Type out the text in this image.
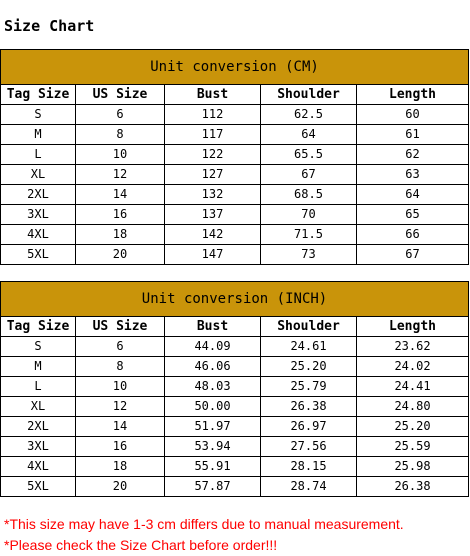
Size Chart
Unit conversion (CM)				
Tag Size	US Size	Bust	Shoulder	Length
S	6	112	62.5	60
M	8	117	64	61
L	10	122	65.5	62
XL	12	127	67	63
2XL	14	132	68.5	64
3XL	16	137	70	65
4XL	18	142	71.5	66
5XL	20	147	73	67
Unit conversion (INCH)				
Tag Size	US Size	Bust	Shoulder	Length
S	6	44.09	24.61	23.62
M	8	46.06	25.20	24.02
L	10	48.03	25.79	24.41
XL	12	50.00	26.38	24.80
2XL	14	51.97	26.97	25.20
3XL	16	53.94	27.56	25.59
4XL	18	55.91	28.15	25.98
5XL	20	57.87	28.74	26.38
*This size may have 1-3 cm differs due to manual measurement.
*Please check the Size Chart before order!!!
